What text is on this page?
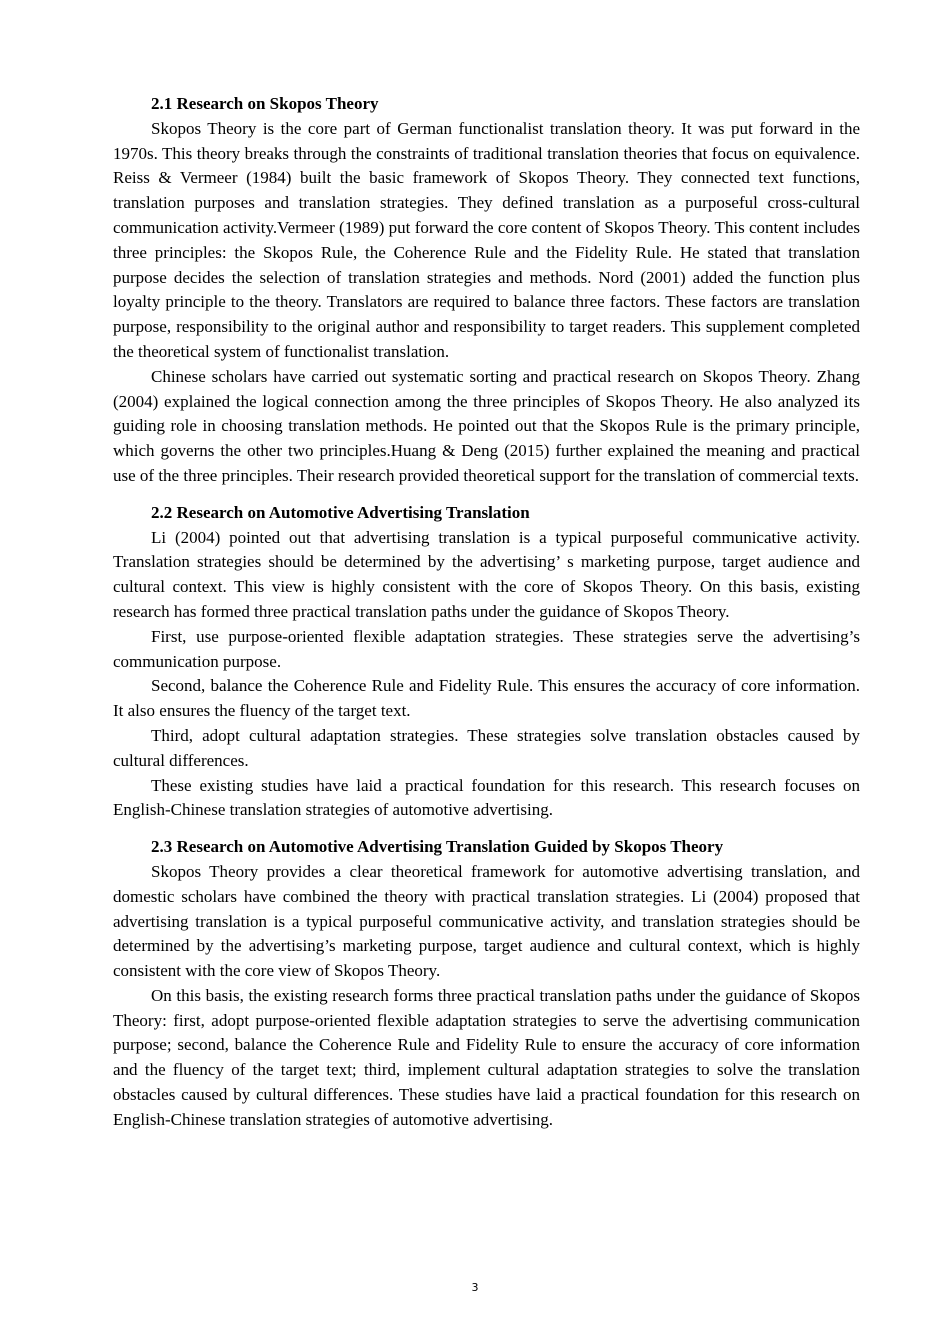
2.1 Research on Skopos Theory

Skopos Theory is the core part of German functionalist translation theory. It was put forward in the 1970s. This theory breaks through the constraints of traditional translation theories that focus on equivalence. Reiss & Vermeer (1984) built the basic framework of Skopos Theory. They connected text functions, translation purposes and translation strategies. They defined translation as a purposeful cross-cultural communication activity.Vermeer (1989) put forward the core content of Skopos Theory. This content includes three principles: the Skopos Rule, the Coherence Rule and the Fidelity Rule. He stated that translation purpose decides the selection of translation strategies and methods. Nord (2001) added the function plus loyalty principle to the theory. Translators are required to balance three factors. These factors are translation purpose, responsibility to the original author and responsibility to target readers. This supplement completed the theoretical system of functionalist translation.

Chinese scholars have carried out systematic sorting and practical research on Skopos Theory. Zhang (2004) explained the logical connection among the three principles of Skopos Theory. He also analyzed its guiding role in choosing translation methods. He pointed out that the Skopos Rule is the primary principle, which governs the other two principles.Huang & Deng (2015) further explained the meaning and practical use of the three principles. Their research provided theoretical support for the translation of commercial texts.

2.2 Research on Automotive Advertising Translation

Li (2004) pointed out that advertising translation is a typical purposeful communicative activity. Translation strategies should be determined by the advertising’ s marketing purpose, target audience and cultural context. This view is highly consistent with the core of Skopos Theory. On this basis, existing research has formed three practical translation paths under the guidance of Skopos Theory.

First, use purpose-oriented flexible adaptation strategies. These strategies serve the advertising’s communication purpose.

Second, balance the Coherence Rule and Fidelity Rule. This ensures the accuracy of core information. It also ensures the fluency of the target text.

Third, adopt cultural adaptation strategies. These strategies solve translation obstacles caused by cultural differences.

These existing studies have laid a practical foundation for this research. This research focuses on English-Chinese translation strategies of automotive advertising.

2.3 Research on Automotive Advertising Translation Guided by Skopos Theory

Skopos Theory provides a clear theoretical framework for automotive advertising translation, and domestic scholars have combined the theory with practical translation strategies. Li (2004) proposed that advertising translation is a typical purposeful communicative activity, and translation strategies should be determined by the advertising’s marketing purpose, target audience and cultural context, which is highly consistent with the core view of Skopos Theory.

On this basis, the existing research forms three practical translation paths under the guidance of Skopos Theory: first, adopt purpose-oriented flexible adaptation strategies to serve the advertising communication purpose; second, balance the Coherence Rule and Fidelity Rule to ensure the accuracy of core information and the fluency of the target text; third, implement cultural adaptation strategies to solve the translation obstacles caused by cultural differences. These studies have laid a practical foundation for this research on English-Chinese translation strategies of automotive advertising.

3
